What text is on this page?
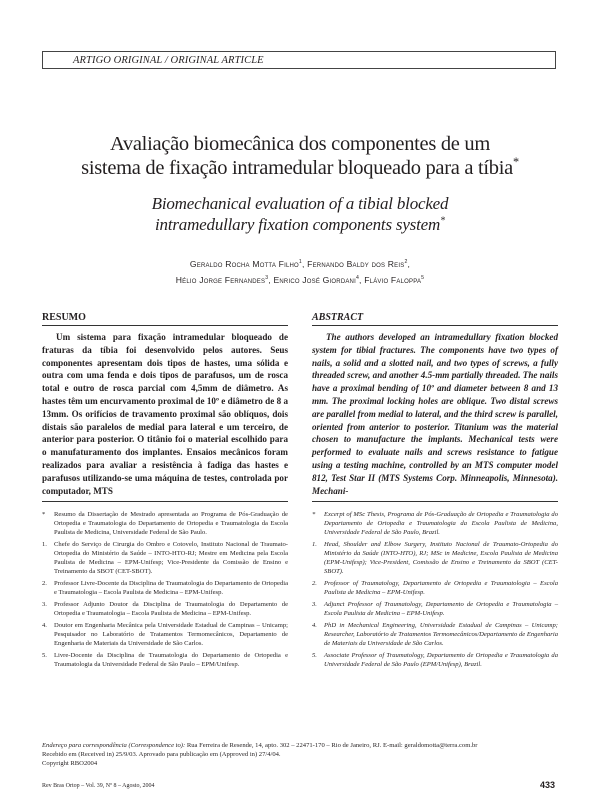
ARTIGO ORIGINAL / ORIGINAL ARTICLE
Avaliação biomecânica dos componentes de um
sistema de fixação intramedular bloqueado para a tíbia*
Biomechanical evaluation of a tibial blocked
intramedullary fixation components system*
Geraldo Rocha Motta Filho$^1$, Fernando Baldy dos Reis$^2$,
Hélio Jorge Fernandes$^3$, Enrico José Giordani$^4$, Flávio Faloppa$^5$
RESUMO	ABSTRACT

Um sistema para fixação intramedular bloqueado de fraturas da tíbia foi desenvolvido pelos autores. Seus componentes apresentam dois tipos de hastes, uma sólida e outra com uma fenda e dois tipos de parafusos, um de rosca total e outro de rosca parcial com 4,5mm de diâmetro. As hastes têm um encurvamento proximal de 10º e diâmetro de 8 a 13mm. Os orifícios de travamento proximal são oblíquos, dois distais são paralelos de medial para lateral e um terceiro, de anterior para posterior. O titânio foi o material escolhido para o manufaturamento dos implantes. Ensaios mecânicos foram realizados para avaliar a resistência à fadiga das hastes e parafusos utilizando-se uma máquina de testes, controlada por computador, MTS

The authors developed an intramedullary fixation blocked system for tibial fractures. The components have two types of nails, a solid and a slotted nail, and two types of screws, a fully threaded screw, and another 4.5-mm partially threaded. The nails have a proximal bending of 10º and diameter between 8 and 13 mm. The proximal locking holes are oblique. Two distal screws are parallel from medial to lateral, and the third screw is parallel, oriented from anterior to posterior. Titanium was the material chosen to manufacture the implants. Mechanical tests were performed to evaluate nails and screws resistance to fatigue using a testing machine, controlled by an MTS computer model 812, Test Star II (MTS Systems Corp. Minneapolis, Minnesota). Mechani-

* Resumo da Dissertação de Mestrado apresentada ao Programa de Pós-Graduação de Ortopedia e Traumatologia do Departamento de Ortopedia e Traumatologia da Escola Paulista de Medicina, Universidade Federal de São Paulo.
1. Chefe do Serviço de Cirurgia do Ombro e Cotovelo, Instituto Nacional de Traumato-Ortopedia do Ministério da Saúde – INTO-HTO-RJ; Mestre em Medicina pela Escola Paulista de Medicina – EPM-Unifesp; Vice-Presidente da Comissão de Ensino e Treinamento da SBOT (CET-SBOT).
2. Professor Livre-Docente da Disciplina de Traumatologia do Departamento de Ortopedia e Traumatologia – Escola Paulista de Medicina – EPM-Unifesp.
3. Professor Adjunto Doutor da Disciplina de Traumatologia do Departamento de Ortopedia e Traumatologia – Escola Paulista de Medicina – EPM-Unifesp.
4. Doutor em Engenharia Mecânica pela Universidade Estadual de Campinas – Unicamp; Pesquisador no Laboratório de Tratamentos Termomecânicos, Departamento de Engenharia de Materiais da Universidade de São Carlos.
5. Livre-Docente da Disciplina de Traumatologia do Departamento de Ortopedia e Traumatologia da Universidade Federal de São Paulo – EPM/Unifesp.
* Excerpt of MSc Thesis, Programa de Pós-Graduação de Ortopedia e Traumatologia do Departamento de Ortopedia e Traumatologia da Escola Paulista de Medicina, Universidade Federal de São Paulo, Brazil.
1. Head, Shoulder and Elbow Surgery, Instituto Nacional de Traumato-Ortopedia do Ministério da Saúde (INTO-HTO), RJ; MSc in Medicine, Escola Paulista de Medicina (EPM-Unifesp); Vice-President, Comissão de Ensino e Treinamento da SBOT (CET-SBOT).
2. Professor of Traumatology, Departamento de Ortopedia e Traumatologia – Escola Paulista de Medicina – EPM-Unifesp.
3. Adjunct Professor of Traumatology, Departamento de Ortopedia e Traumatologia – Escola Paulista de Medicina – EPM-Unifesp.
4. PhD in Mechanical Engineering, Universidade Estadual de Campinas – Unicamp; Researcher, Laboratório de Tratamentos Termomecânicos/Departamento de Engenharia de Materiais da Universidade de São Carlos.
5. Associate Professor of Traumatology, Departamento de Ortopedia e Traumatologia da Universidade Federal de São Paulo (EPM/Unifesp), Brazil.
Endereço para correspondência (Correspondence to): Rua Ferreira de Resende, 14, apto. 302 – 22471-170 – Rio de Janeiro, RJ. E-mail: geraldomotta@terra.com.br
Recebido em (Received in) 25/9/03. Aprovado para publicação em (Approved in) 27/4/04.
Copyright RBO2004
Rev Bras Ortop – Vol. 39, Nº 8 – Agosto, 2004	433
